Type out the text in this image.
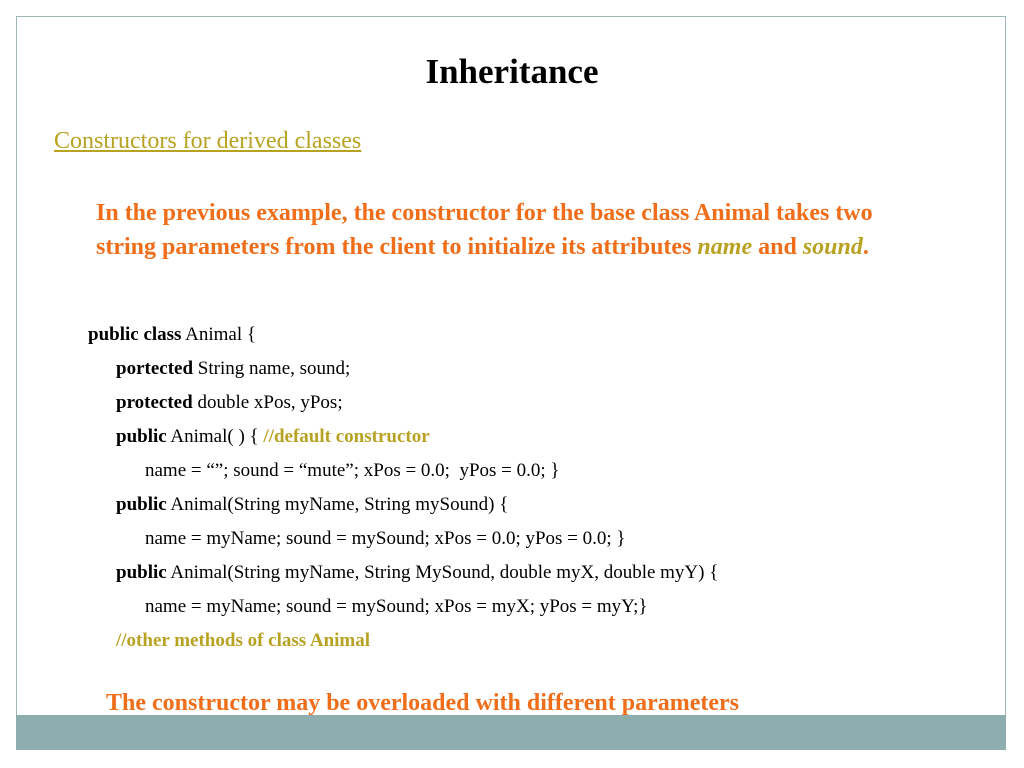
Inheritance
Constructors for derived classes
In the previous example, the constructor for the base class Animal takes two string parameters from the client to initialize its attributes name and sound.
public class Animal {
portected String name, sound;
protected double xPos, yPos;
public Animal( ) { //default constructor
name = “”; sound = “mute”; xPos = 0.0;  yPos = 0.0; }
public Animal(String myName, String mySound) {
name = myName; sound = mySound; xPos = 0.0; yPos = 0.0; }
public Animal(String myName, String MySound, double myX, double myY) {
name = myName; sound = mySound; xPos = myX; yPos = myY;}
//other methods of class Animal
The constructor may be overloaded with different parameters
